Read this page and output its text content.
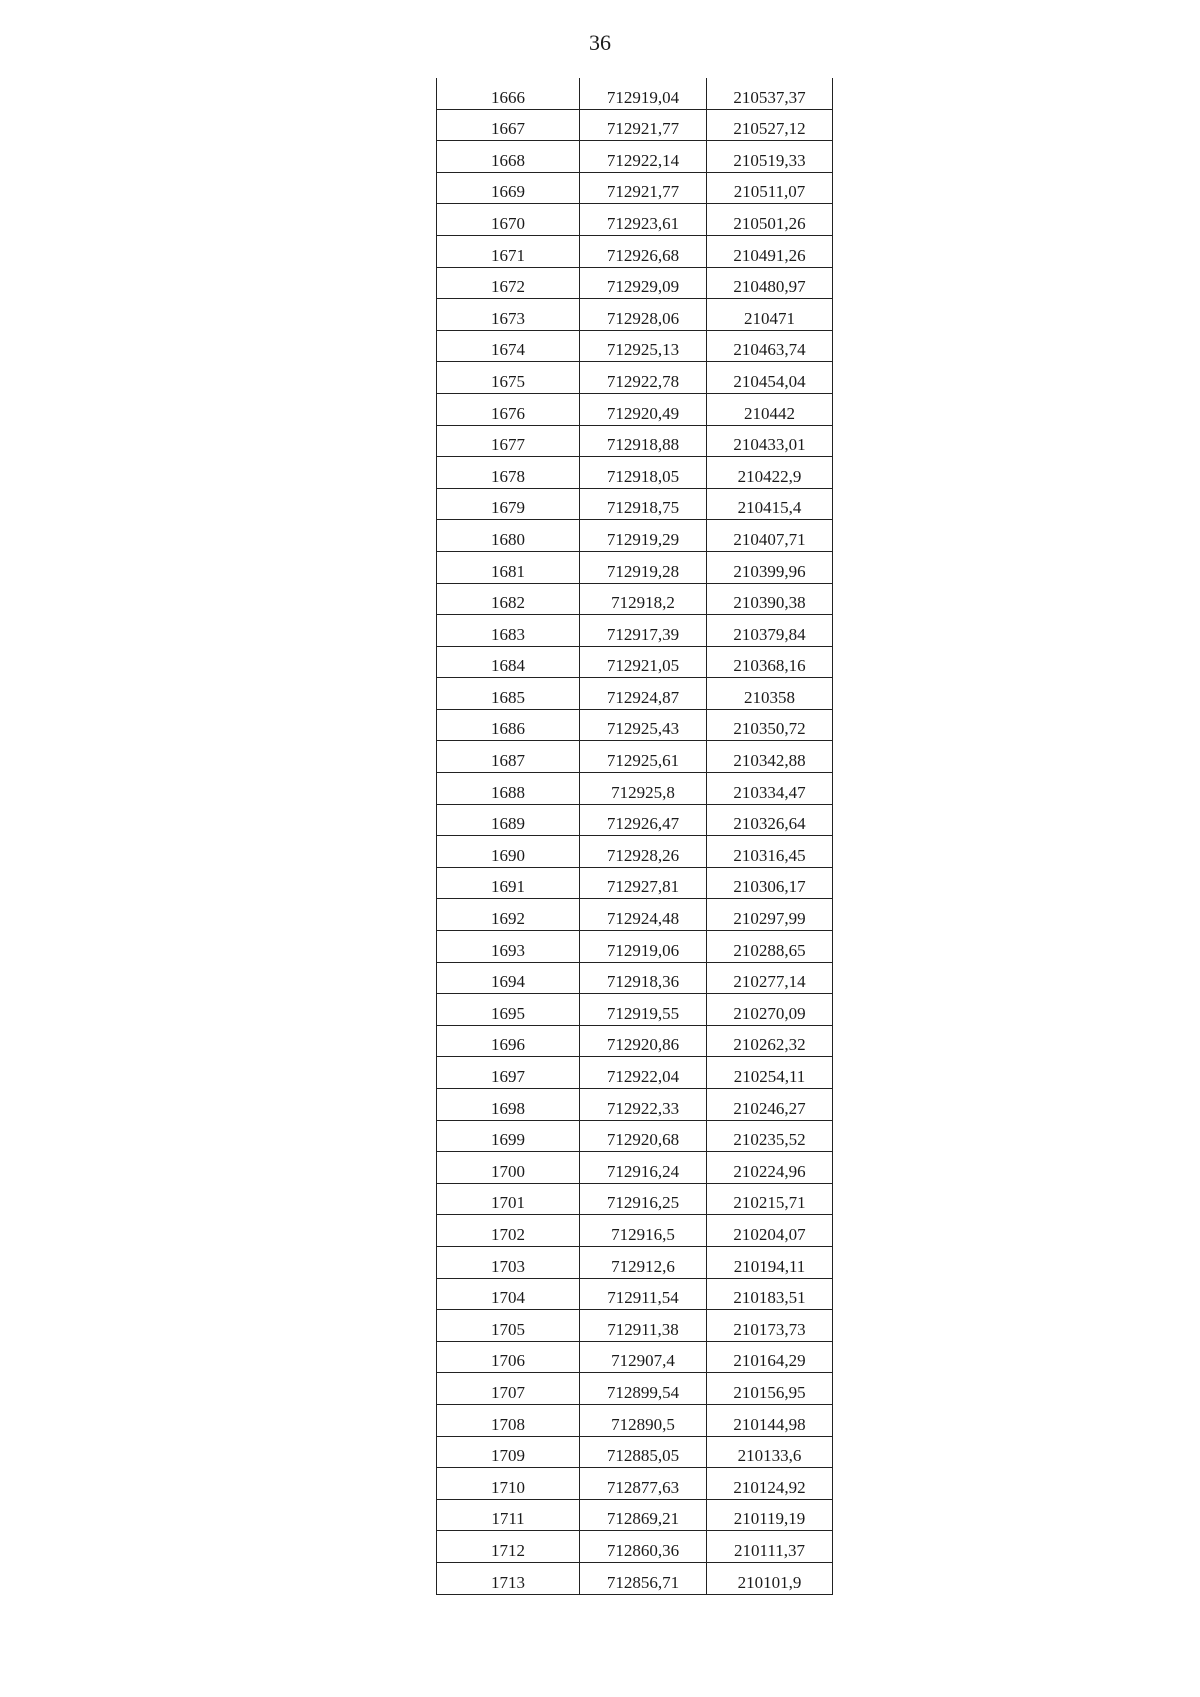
36
1666	712919,04	210537,37
1667	712921,77	210527,12
1668	712922,14	210519,33
1669	712921,77	210511,07
1670	712923,61	210501,26
1671	712926,68	210491,26
1672	712929,09	210480,97
1673	712928,06	210471
1674	712925,13	210463,74
1675	712922,78	210454,04
1676	712920,49	210442
1677	712918,88	210433,01
1678	712918,05	210422,9
1679	712918,75	210415,4
1680	712919,29	210407,71
1681	712919,28	210399,96
1682	712918,2	210390,38
1683	712917,39	210379,84
1684	712921,05	210368,16
1685	712924,87	210358
1686	712925,43	210350,72
1687	712925,61	210342,88
1688	712925,8	210334,47
1689	712926,47	210326,64
1690	712928,26	210316,45
1691	712927,81	210306,17
1692	712924,48	210297,99
1693	712919,06	210288,65
1694	712918,36	210277,14
1695	712919,55	210270,09
1696	712920,86	210262,32
1697	712922,04	210254,11
1698	712922,33	210246,27
1699	712920,68	210235,52
1700	712916,24	210224,96
1701	712916,25	210215,71
1702	712916,5	210204,07
1703	712912,6	210194,11
1704	712911,54	210183,51
1705	712911,38	210173,73
1706	712907,4	210164,29
1707	712899,54	210156,95
1708	712890,5	210144,98
1709	712885,05	210133,6
1710	712877,63	210124,92
1711	712869,21	210119,19
1712	712860,36	210111,37
1713	712856,71	210101,9
